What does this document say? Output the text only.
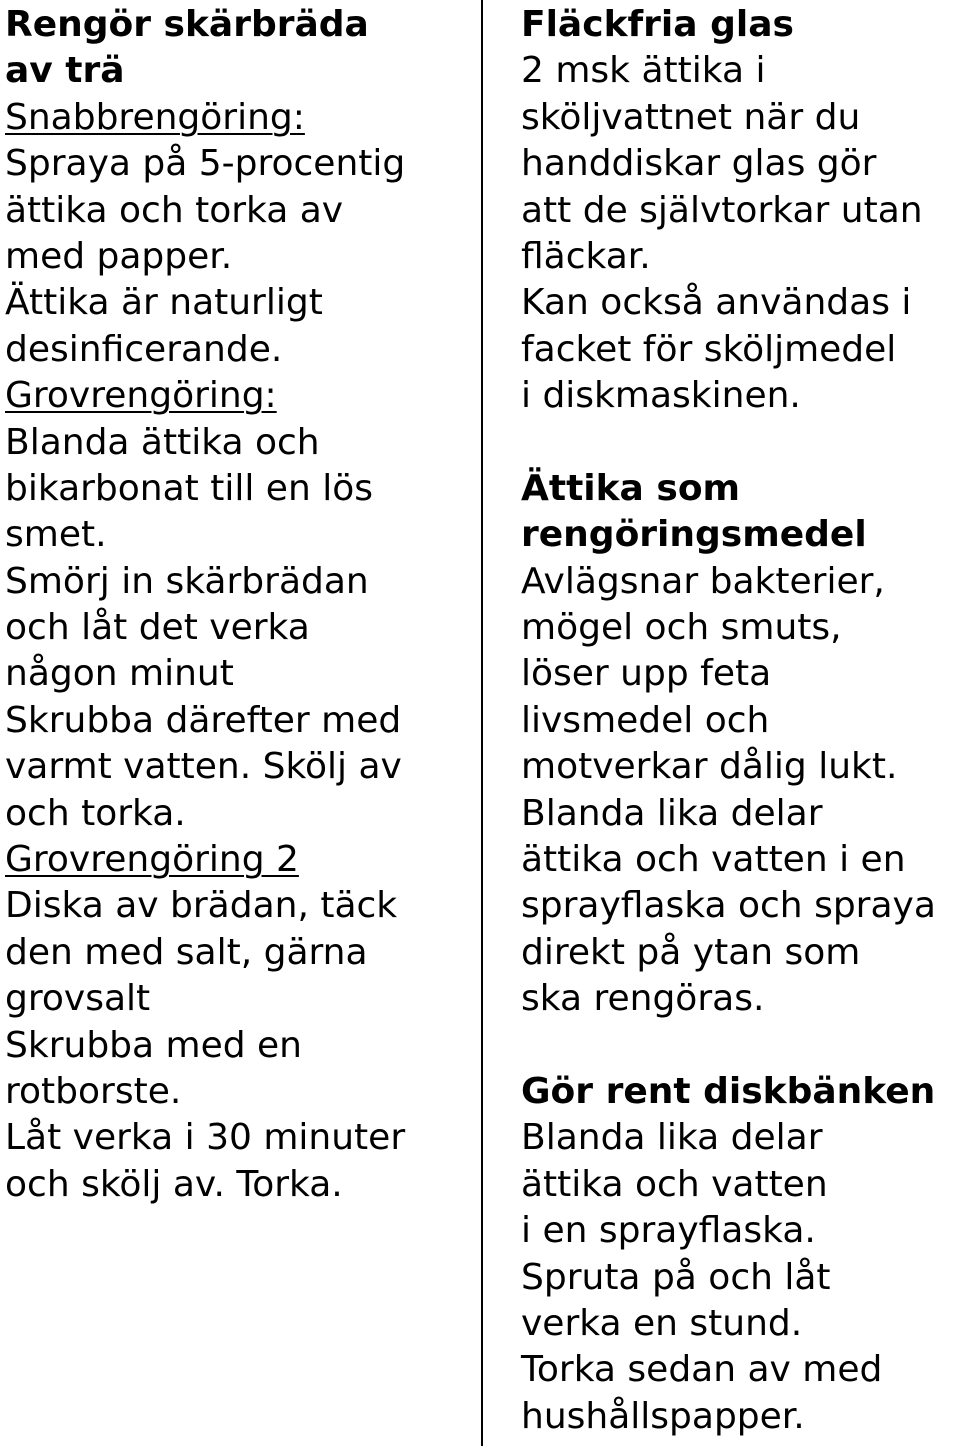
Rengör skärbräda
av trä
Snabbrengöring:
Spraya på 5-procentig
ättika och torka av
med papper.
Ättika är naturligt
desinficerande.
Grovrengöring:
Blanda ättika och
bikarbonat till en lös
smet.
Smörj in skärbrädan
och låt det verka
någon minut
Skrubba därefter med
varmt vatten. Skölj av
och torka.
Grovrengöring 2
Diska av brädan, täck
den med salt, gärna
grovsalt
Skrubba med en
rotborste.
Låt verka i 30 minuter
och skölj av. Torka.
Fläckfria glas
2 msk ättika i
sköljvattnet när du
handdiskar glas gör
att de självtorkar utan
fläckar.
Kan också användas i
facket för sköljmedel
i diskmaskinen.
Ättika som
rengöringsmedel
Avlägsnar bakterier,
mögel och smuts,
löser upp feta
livsmedel och
motverkar dålig lukt.
Blanda lika delar
ättika och vatten i en
sprayflaska och spraya
direkt på ytan som
ska rengöras.
Gör rent diskbänken
Blanda lika delar
ättika och vatten
i en sprayflaska.
Spruta på och låt
verka en stund.
Torka sedan av med
hushållspapper.
